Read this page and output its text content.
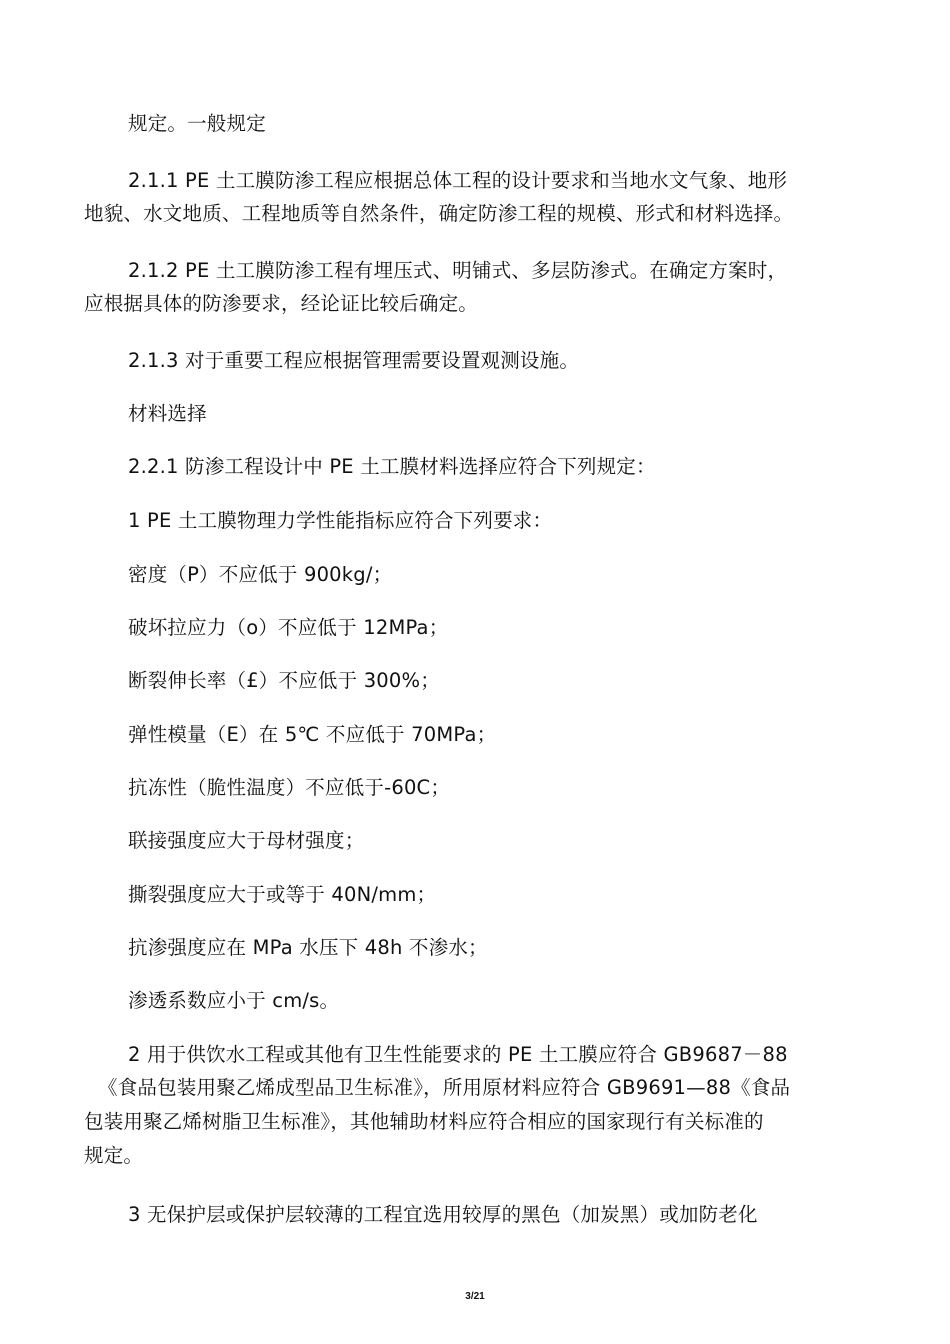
规定。一般规定
2.1.1 PE 土工膜防渗工程应根据总体工程的设计要求和当地水文气象、地形
地貌、水文地质、工程地质等自然条件，确定防渗工程的规模、形式和材料选择。
2.1.2 PE 土工膜防渗工程有埋压式、明铺式、多层防渗式。在确定方案时，
应根据具体的防渗要求，经论证比较后确定。
2.1.3 对于重要工程应根据管理需要设置观测设施。
材料选择
2.2.1 防渗工程设计中 PE 土工膜材料选择应符合下列规定：
1 PE 土工膜物理力学性能指标应符合下列要求：
密度（P）不应低于 900kg/；
破坏拉应力（o）不应低于 12MPa；
断裂伸长率（£）不应低于 300%；
弹性模量（E）在 5℃ 不应低于 70MPa；
抗冻性（脆性温度）不应低于-60C；
联接强度应大于母材强度；
撕裂强度应大于或等于 40N/mm；
抗渗强度应在 MPa 水压下 48h 不渗水；
渗透系数应小于 cm/s。
2 用于供饮水工程或其他有卫生性能要求的 PE 土工膜应符合 GB9687－88
《食品包装用聚乙烯成型品卫生标准》，所用原材料应符合 GB9691—88《食品
包装用聚乙烯树脂卫生标准》，其他辅助材料应符合相应的国家现行有关标准的
规定。
3 无保护层或保护层较薄的工程宜选用较厚的黑色（加炭黑）或加防老化
3/21
